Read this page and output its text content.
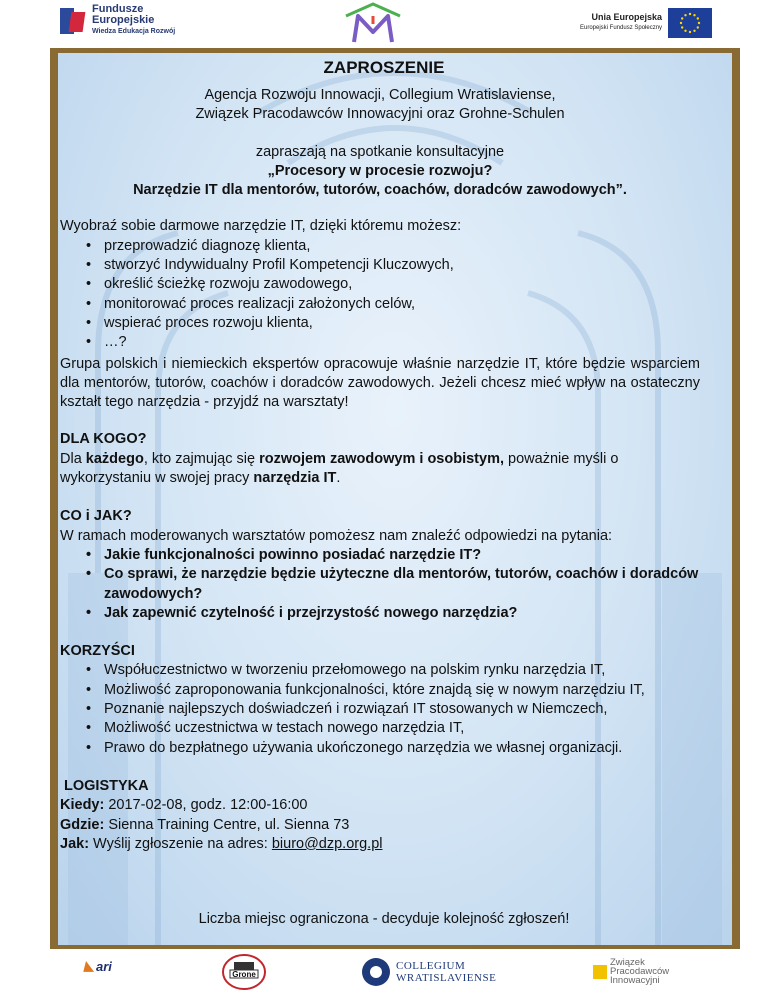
Fundusze
Europejskie
Wiedza Edukacja Rozwój
Unia Europejska
Europejski Fundusz Społeczny
ZAPROSZENIE

Agencja Rozwoju Innowacji, Collegium Wratislaviense,

Związek Pracodawców Innowacyjni oraz Grohne-Schulen

zapraszają na spotkanie konsultacyjne

„Procesory w procesie rozwoju?

Narzędzie IT dla mentorów, tutorów, coachów, doradców zawodowych”.

Wyobraź sobie darmowe narzędzie IT, dzięki któremu możesz:

• przeprowadzić diagnozę klienta,
• stworzyć Indywidualny Profil Kompetencji Kluczowych,
• określić ścieżkę rozwoju zawodowego,
• monitorować proces realizacji założonych celów,
• wspierać proces rozwoju klienta,
• …?

Grupa polskich i niemieckich ekspertów opracowuje właśnie narzędzie IT, które będzie wsparciem dla mentorów, tutorów, coachów i doradców zawodowych. Jeżeli chcesz mieć wpływ na ostateczny kształt tego narzędzia - przyjdź na warsztaty!

DLA KOGO?

Dla każdego, kto zajmując się rozwojem zawodowym i osobistym, poważnie myśli o wykorzystaniu w swojej pracy narzędzia IT.

CO i JAK?

W ramach moderowanych warsztatów pomożesz nam znaleźć odpowiedzi na pytania:

• Jakie funkcjonalności powinno posiadać narzędzie IT?
• Co sprawi, że narzędzie będzie użyteczne dla mentorów, tutorów, coachów i doradców zawodowych?
• Jak zapewnić czytelność i przejrzystość nowego narzędzia?

KORZYŚCI

• Współuczestnictwo w tworzeniu przełomowego na polskim rynku narzędzia IT,
• Możliwość zaproponowania funkcjonalności, które znajdą się w nowym narzędziu IT,
• Poznanie najlepszych doświadczeń i rozwiązań IT stosowanych w Niemczech,
• Możliwość uczestnictwa w testach nowego narzędzia IT,
• Prawo do bezpłatnego używania ukończonego narzędzia we własnej organizacji.

LOGISTYKA

Kiedy: 2017-02-08, godz. 12:00-16:00

Gdzie: Sienna Training Centre, ul. Sienna 73

Jak: Wyślij zgłoszenie na adres: biuro@dzp.org.pl

Liczba miejsc ograniczona - decyduje kolejność zgłoszeń!
◣ ari
Grone
COLLEGIUM
WRATISLAVIENSE
Związek
Pracodawców
Innowacyjni
